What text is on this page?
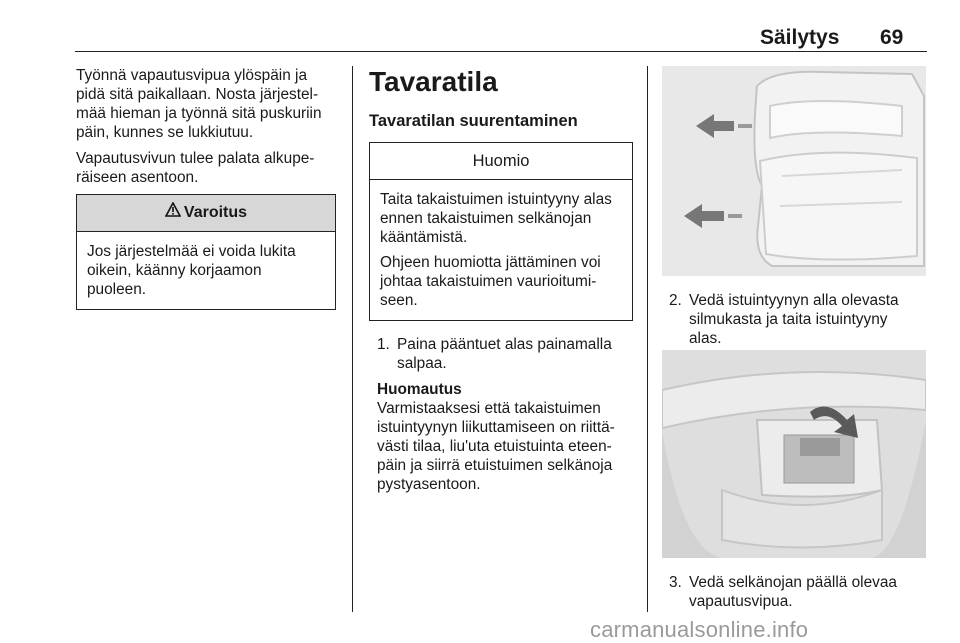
Säilytys 69

Työnnä vapautusvipua ylöspäin ja
pidä sitä paikallaan. Nosta järjestel-
mää hieman ja työnnä sitä puskuriin
päin, kunnes se lukkiutuu.

Vapautusvivun tulee palata alkupe-
räiseen asentoon.

Varoitus

Jos järjestelmää ei voida lukita
oikein, käänny korjaamon
puoleen.

Tavaratila
Tavaratilan suurentaminen
Huomio

Taita takaistuimen istuintyyny alas
ennen takaistuimen selkänojan
kääntämistä.

Ohjeen huomiotta jättäminen voi
johtaa takaistuimen vaurioitumi-
seen.

1. Paina pääntuet alas painamalla
salpaa.
Huomautus
Varmistaaksesi että takaistuimen
istuintyynyn liikuttamiseen on riittä-
västi tilaa, liu'uta etuistuinta eteen-
päin ja siirrä etuistuimen selkänoja
pystyasentoon.
2. Vedä istuintyynyn alla olevasta
silmukasta ja taita istuintyyny
alas.
3. Vedä selkänojan päällä olevaa
vapautusvipua.
carmanualsonline.info
